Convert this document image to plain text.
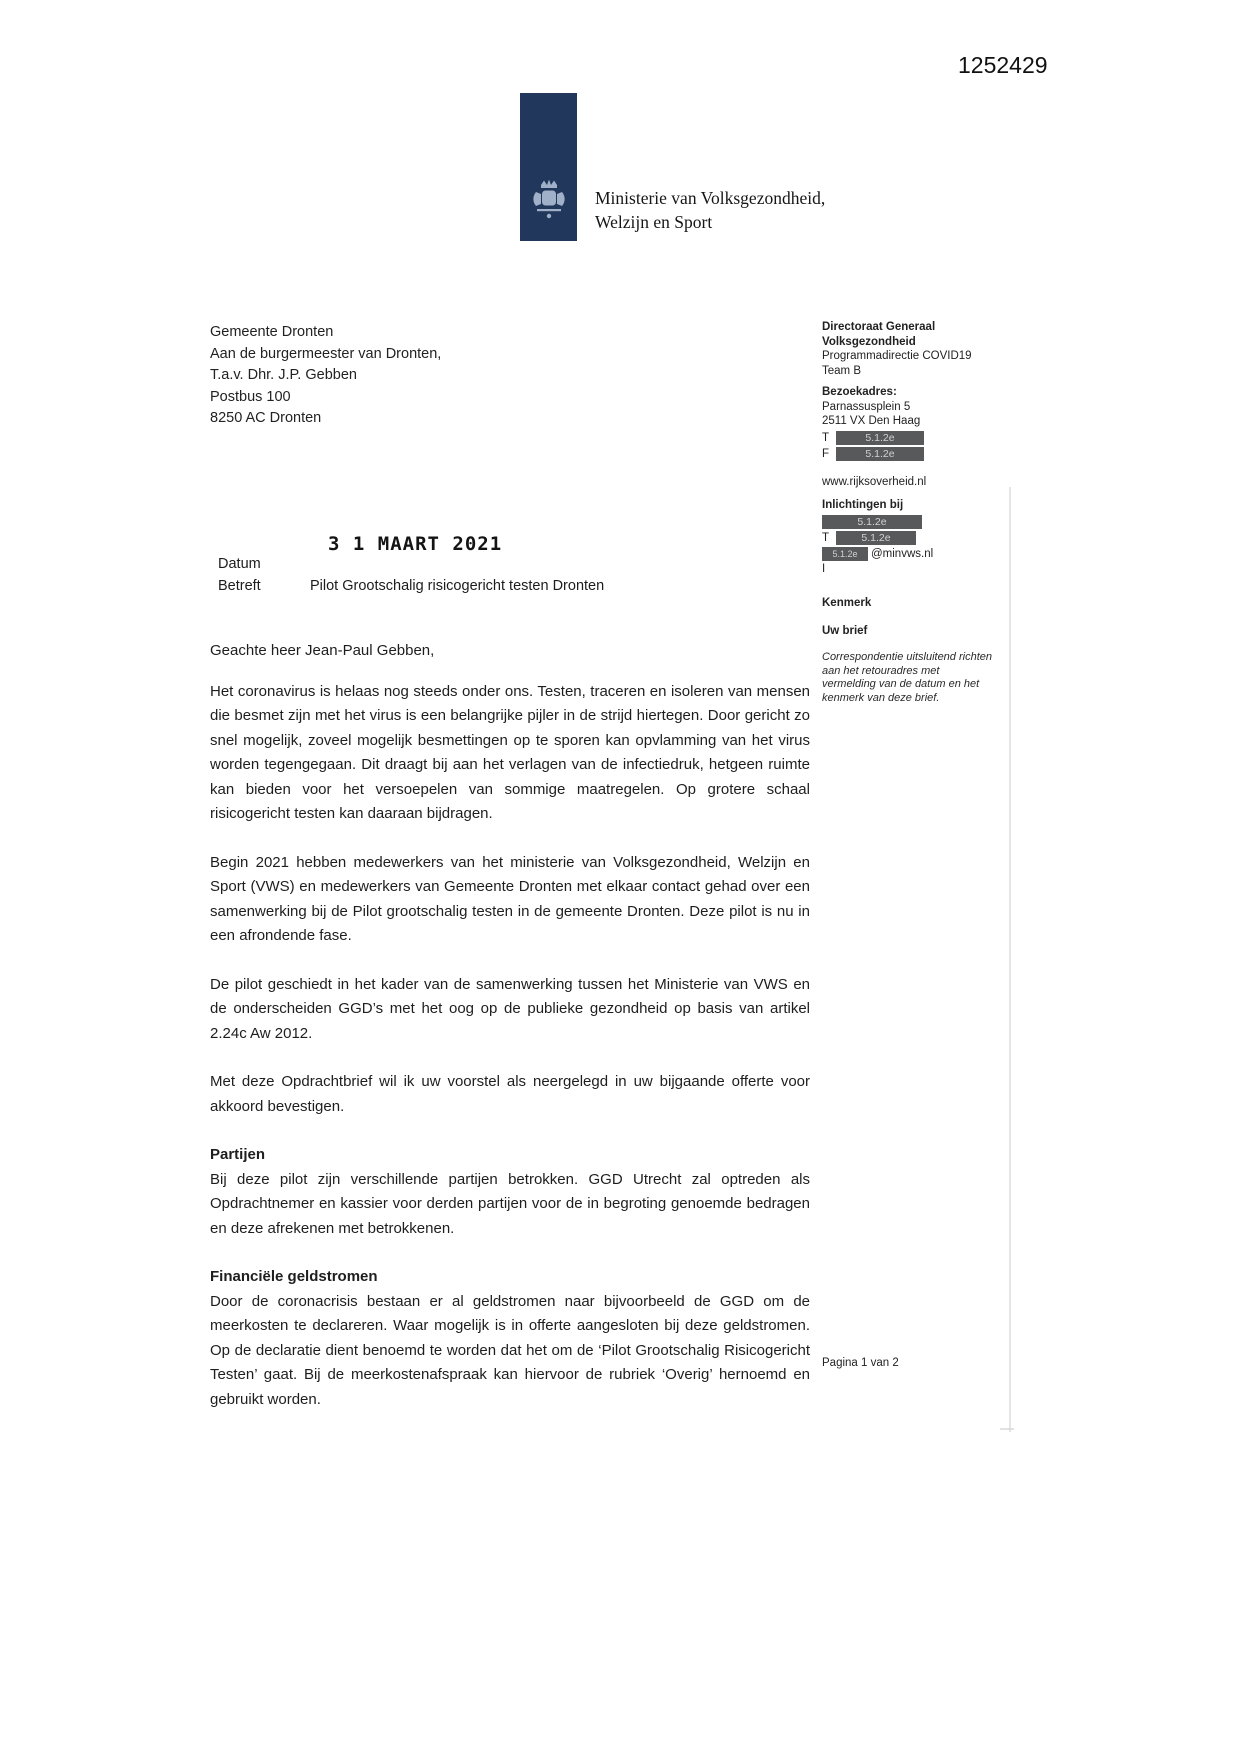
1252429
Ministerie van Volksgezondheid,
Welzijn en Sport
Gemeente Dronten
Aan de burgermeester van Dronten,
T.a.v. Dhr. J.P. Gebben
Postbus 100
8250 AC Dronten
Directoraat Generaal
Volksgezondheid
Programmadirectie COVID19
Team B
Bezoekadres:
Parnassusplein 5
2511 VX Den Haag
T	5.1.2e
F	5.1.2e
www.rijksoverheid.nl
Inlichtingen bij
5.1.2e
T	5.1.2e
5.1.2e	@minvws.nl
I
Kenmerk
Uw brief
Correspondentie uitsluitend richten aan het retouradres met vermelding van de datum en het kenmerk van deze brief.
Datum
3 1 MAART 2021
Betreft	Pilot Grootschalig risicogericht testen Dronten
Geachte heer Jean-Paul Gebben,

Het coronavirus is helaas nog steeds onder ons. Testen, traceren en isoleren van mensen die besmet zijn met het virus is een belangrijke pijler in de strijd hiertegen. Door gericht zo snel mogelijk, zoveel mogelijk besmettingen op te sporen kan opvlamming van het virus worden tegengegaan. Dit draagt bij aan het verlagen van de infectiedruk, hetgeen ruimte kan bieden voor het versoepelen van sommige maatregelen. Op grotere schaal risicogericht testen kan daaraan bijdragen.

Begin 2021 hebben medewerkers van het ministerie van Volksgezondheid, Welzijn en Sport (VWS) en medewerkers van Gemeente Dronten met elkaar contact gehad over een samenwerking bij de Pilot grootschalig testen in de gemeente Dronten. Deze pilot is nu in een afrondende fase.

De pilot geschiedt in het kader van de samenwerking tussen het Ministerie van VWS en de onderscheiden GGD’s met het oog op de publieke gezondheid op basis van artikel 2.24c Aw 2012.

Met deze Opdrachtbrief wil ik uw voorstel als neergelegd in uw bijgaande offerte voor akkoord bevestigen.

Partijen

Bij deze pilot zijn verschillende partijen betrokken. GGD Utrecht zal optreden als Opdrachtnemer en kassier voor derden partijen voor de in begroting genoemde bedragen en deze afrekenen met betrokkenen.

Financiële geldstromen

Door de coronacrisis bestaan er al geldstromen naar bijvoorbeeld de GGD om de meerkosten te declareren. Waar mogelijk is in offerte aangesloten bij deze geldstromen. Op de declaratie dient benoemd te worden dat het om de ‘Pilot Grootschalig Risicogericht Testen’ gaat. Bij de meerkostenafspraak kan hiervoor de rubriek ‘Overig’ hernoemd en gebruikt worden.

Pagina 1 van 2
